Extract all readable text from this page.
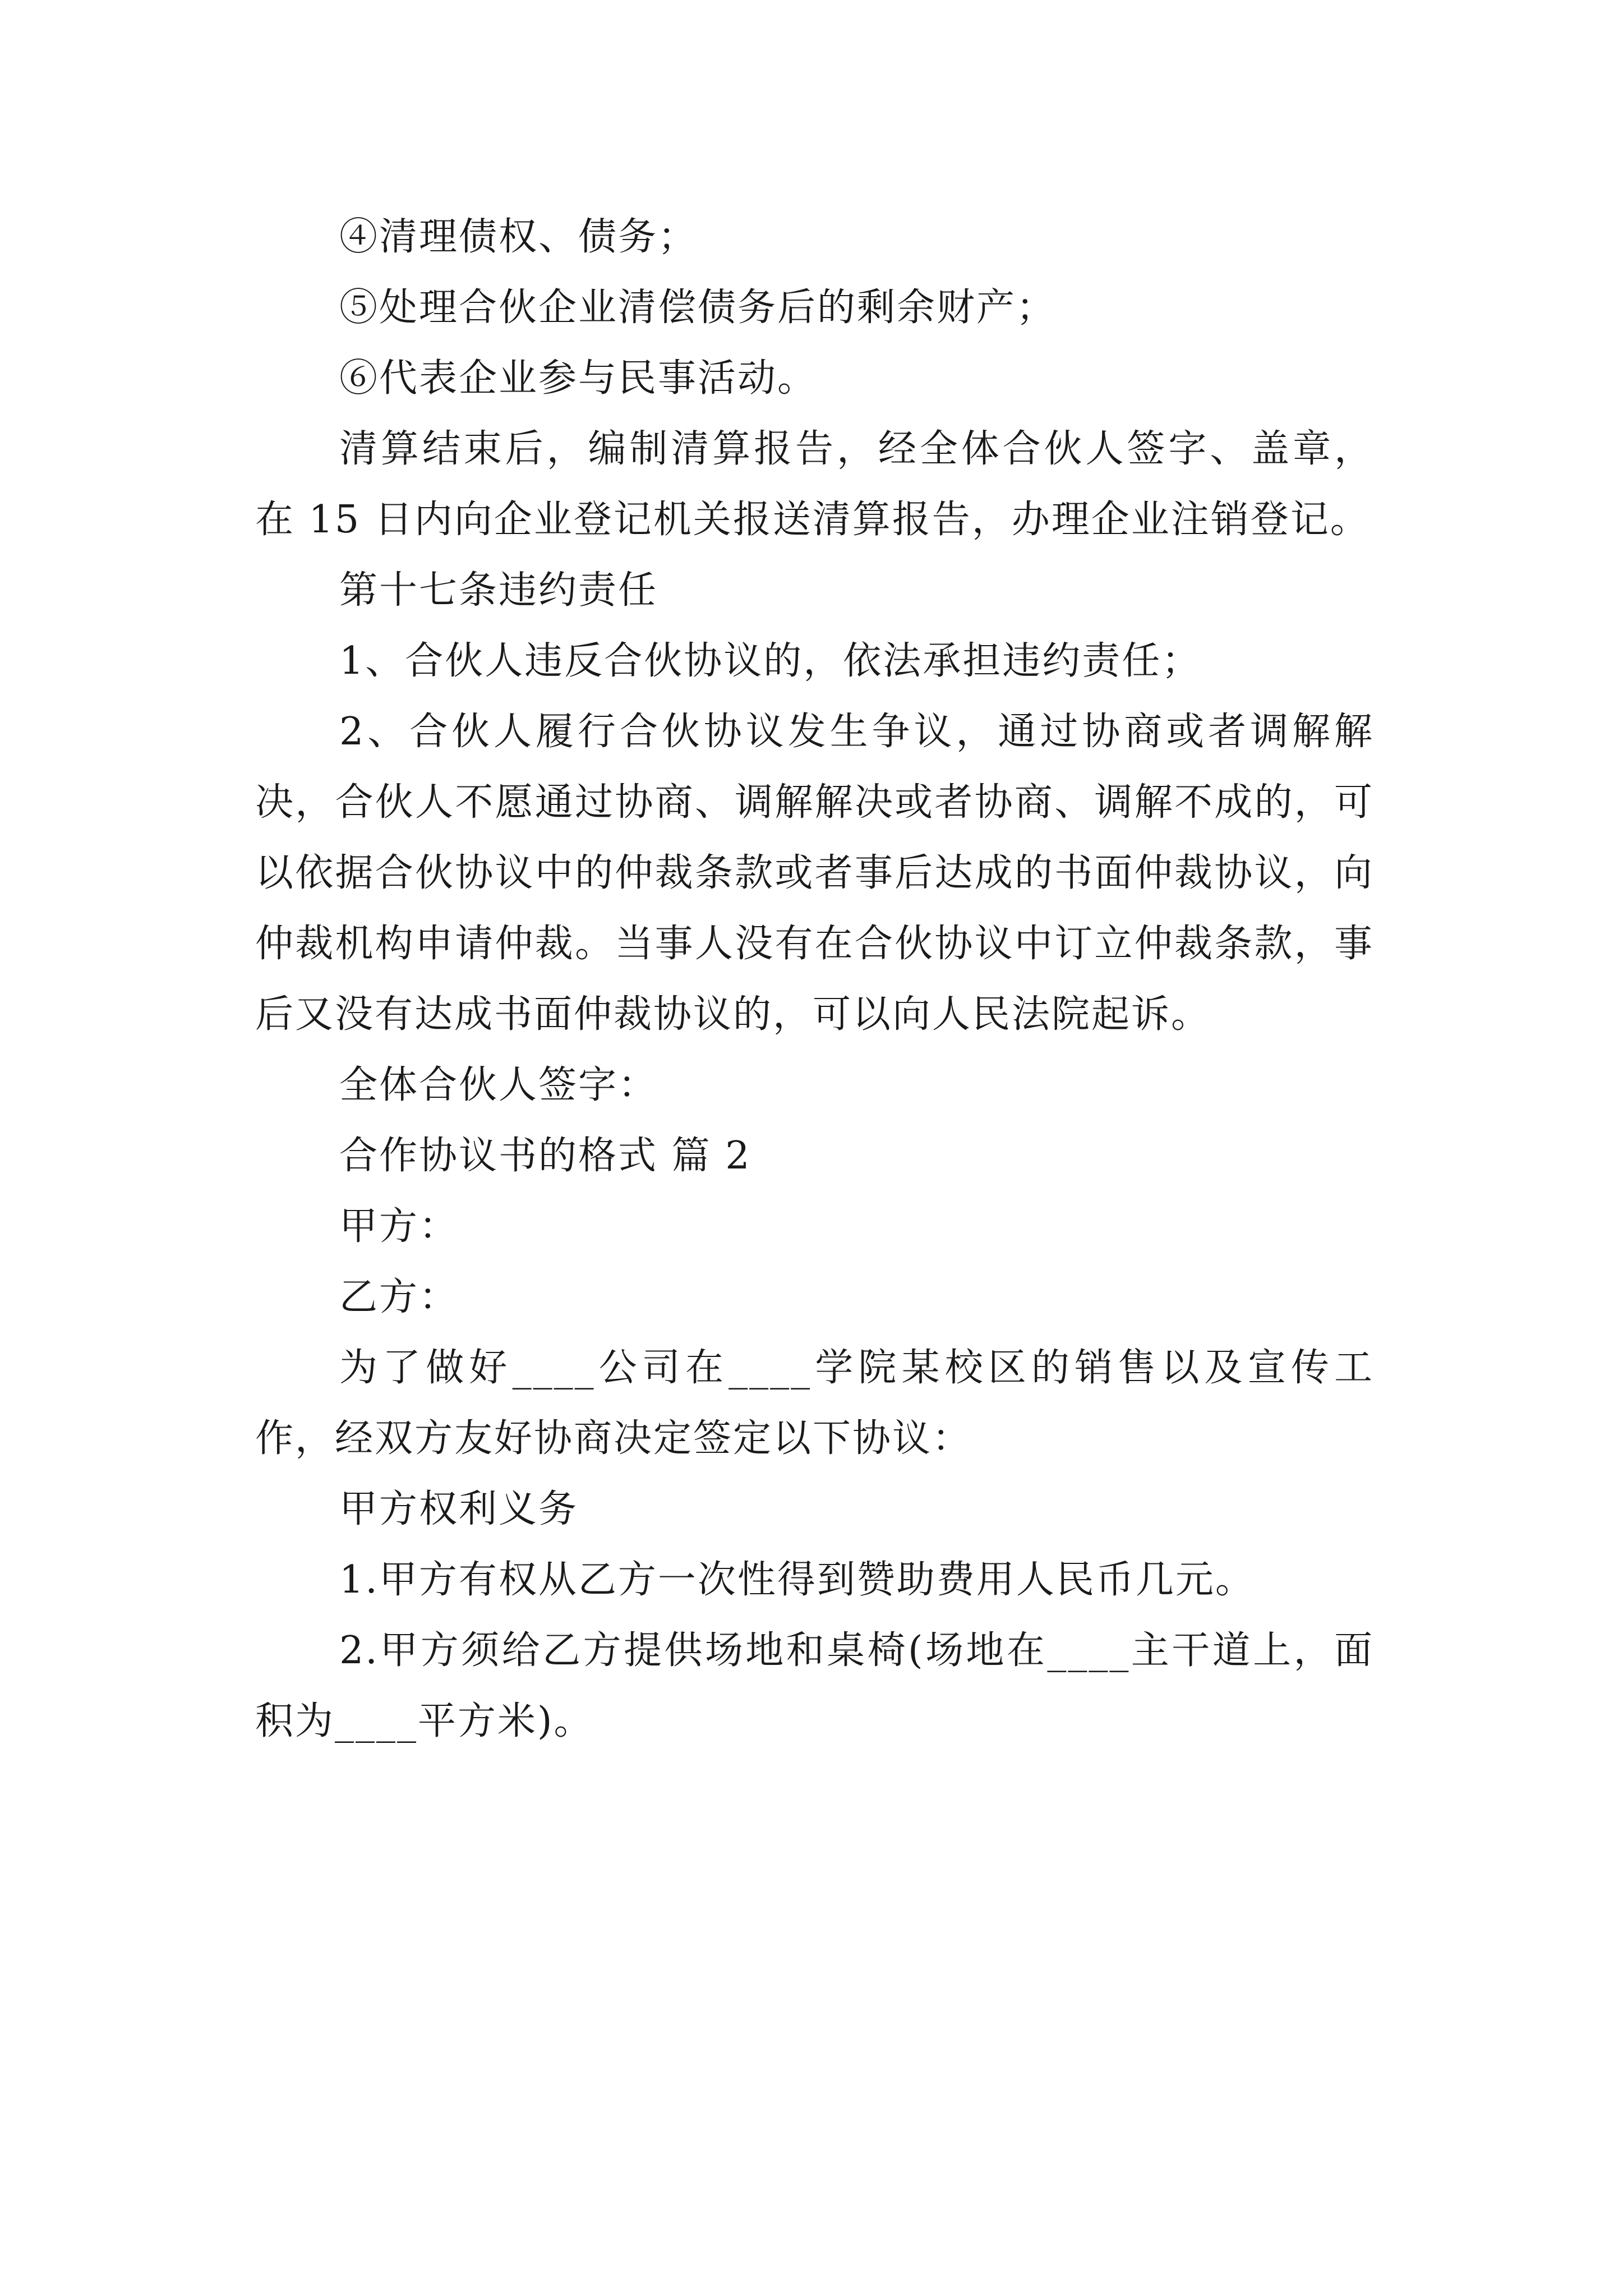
④清理债权、债务；

⑤处理合伙企业清偿债务后的剩余财产；

⑥代表企业参与民事活动。

清算结束后，编制清算报告，经全体合伙人签字、盖章，在 15 日内向企业登记机关报送清算报告，办理企业注销登记。

第十七条违约责任

1、合伙人违反合伙协议的，依法承担违约责任；

2、合伙人履行合伙协议发生争议，通过协商或者调解解决，合伙人不愿通过协商、调解解决或者协商、调解不成的，可以依据合伙协议中的仲裁条款或者事后达成的书面仲裁协议，向仲裁机构申请仲裁。当事人没有在合伙协议中订立仲裁条款，事后又没有达成书面仲裁协议的，可以向人民法院起诉。

全体合伙人签字：

合作协议书的格式 篇 2

甲方：

乙方：

为了做好____公司在____学院某校区的销售以及宣传工作，经双方友好协商决定签定以下协议：

甲方权利义务

1.甲方有权从乙方一次性得到赞助费用人民币几元。

2.甲方须给乙方提供场地和桌椅(场地在____主干道上，面积为____平方米)。
